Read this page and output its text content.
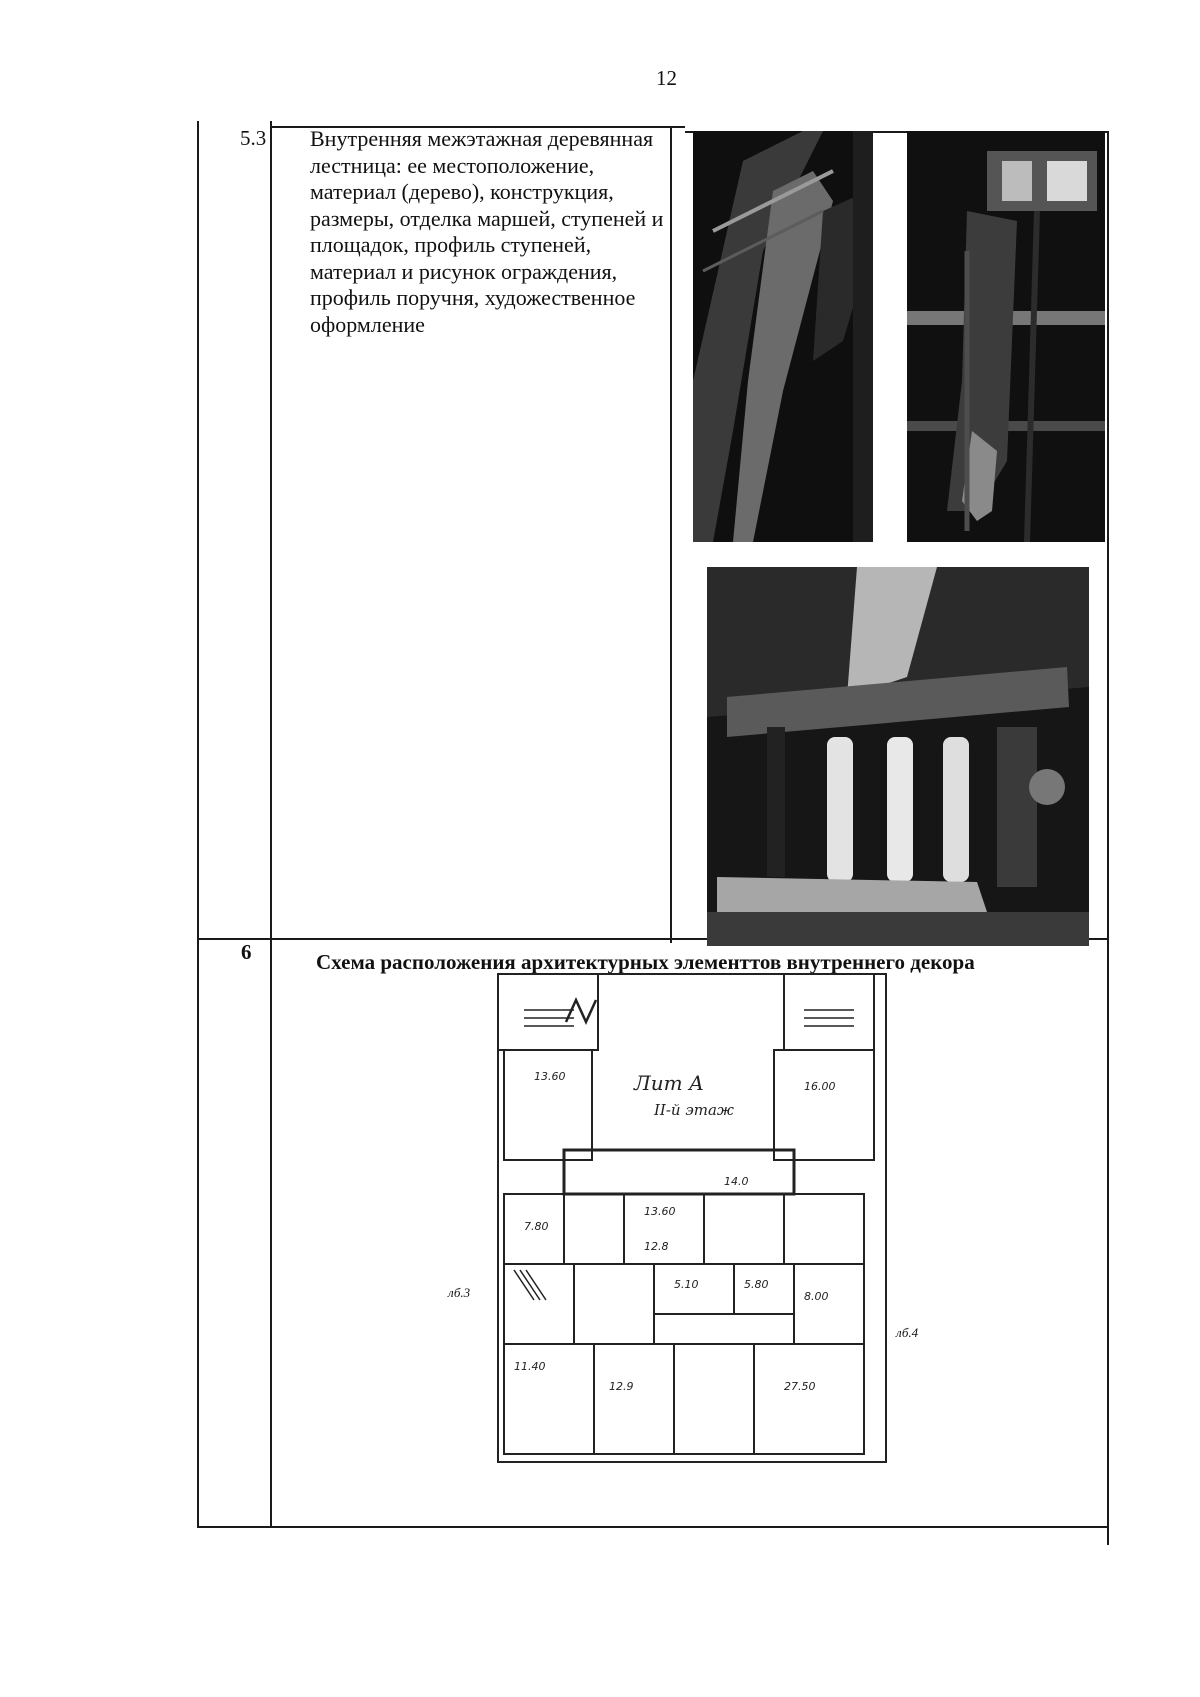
12
5.3 Внутренняя межэтажная деревянная лестница: ее местоположение, материал (дерево), конструкция, размеры, отделка маршей, ступеней и площадок, профиль ступеней, материал и рисунок ограждения, профиль поручня, художественное оформление

6	Схема расположения архитектурных элементтов внутреннего декора
13.60
14.0
12.8
13.60
27.50
12.9
11.40
7.80
5.10	5.80
8.00
16.00
Лит А
II-й этаж
лб.3
лб.4
